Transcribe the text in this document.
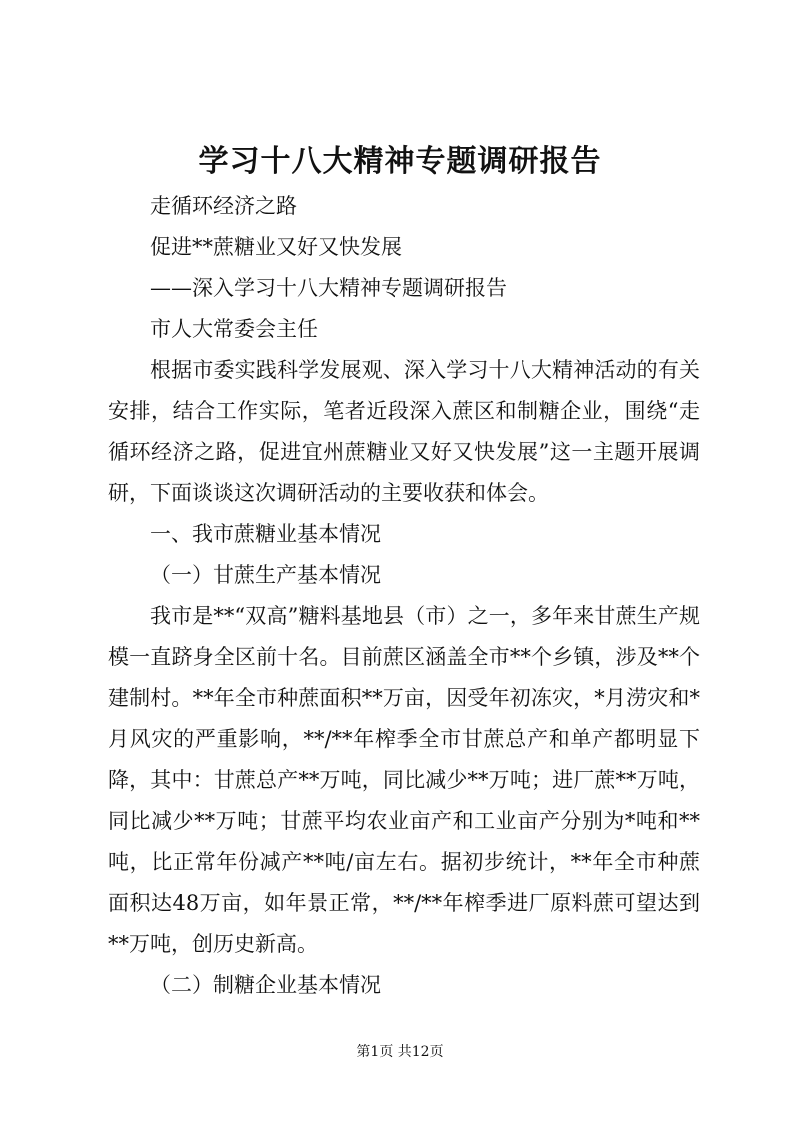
学习十八大精神专题调研报告

走循环经济之路

促进**蔗糖业又好又快发展

——深入学习十八大精神专题调研报告

市人大常委会主任

根据市委实践科学发展观、深入学习十八大精神活动的有关安排，结合工作实际，笔者近段深入蔗区和制糖企业，围绕“走循环经济之路，促进宜州蔗糖业又好又快发展”这一主题开展调研，下面谈谈这次调研活动的主要收获和体会。

一、我市蔗糖业基本情况

（一）甘蔗生产基本情况

我市是**“双高”糖料基地县（市）之一，多年来甘蔗生产规模一直跻身全区前十名。目前蔗区涵盖全市**个乡镇，涉及**个建制村。**年全市种蔗面积**万亩，因受年初冻灾，*月涝灾和*月风灾的严重影响，**/**年榨季全市甘蔗总产和单产都明显下降，其中：甘蔗总产**万吨，同比减少**万吨；进厂蔗**万吨，同比减少**万吨；甘蔗平均农业亩产和工业亩产分别为*吨和**吨，比正常年份减产**吨/亩左右。据初步统计，**年全市种蔗面积达48万亩，如年景正常，**/**年榨季进厂原料蔗可望达到**万吨，创历史新高。

（二）制糖企业基本情况

第1页 共12页
